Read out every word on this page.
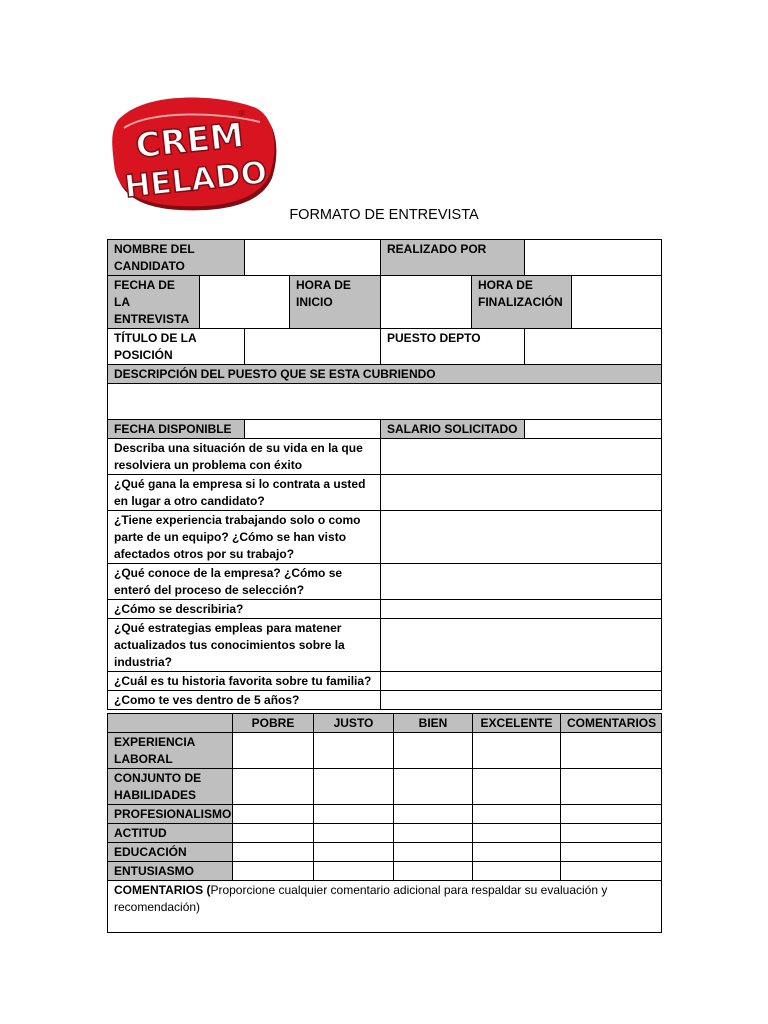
CREM
HELADO
®
FORMATO DE ENTREVISTA
NOMBRE DEL CANDIDATO				REALIZADO POR			
FECHA DE LA ENTREVISTA			HORA DE INICIO		HORA DE FINALIZACIÓN		
TÍTULO DE LA POSICIÓN				PUESTO DEPTO			
DESCRIPCIÓN DEL PUESTO QUE SE ESTA CUBRIENDO							

FECHA DISPONIBLE				SALARIO SOLICITADO			
Describa una situación de su vida en la que resolviera un problema con éxito							
¿Qué gana la empresa si lo contrata a usted en lugar a otro candidato?							
¿Tiene experiencia trabajando solo o como parte de un equipo? ¿Cómo se han visto afectados otros por su trabajo?							
¿Qué conoce de la empresa? ¿Cómo se enteró del proceso de selección?							
¿Cómo se describiria?							
¿Qué estrategias empleas para matener actualizados tus conocimientos sobre la industria?							
¿Cuál es tu historia favorita sobre tu familia?							
¿Como te ves dentro de 5 años?							
	POBRE	JUSTO	BIEN	EXCELENTE	COMENTARIOS
EXPERIENCIA LABORAL					
CONJUNTO DE HABILIDADES					
PROFESIONALISMO					
ACTITUD					
EDUCACIÓN					
ENTUSIASMO					
COMENTARIOS (Proporcione cualquier comentario adicional para respaldar su evaluación y recomendación)					
